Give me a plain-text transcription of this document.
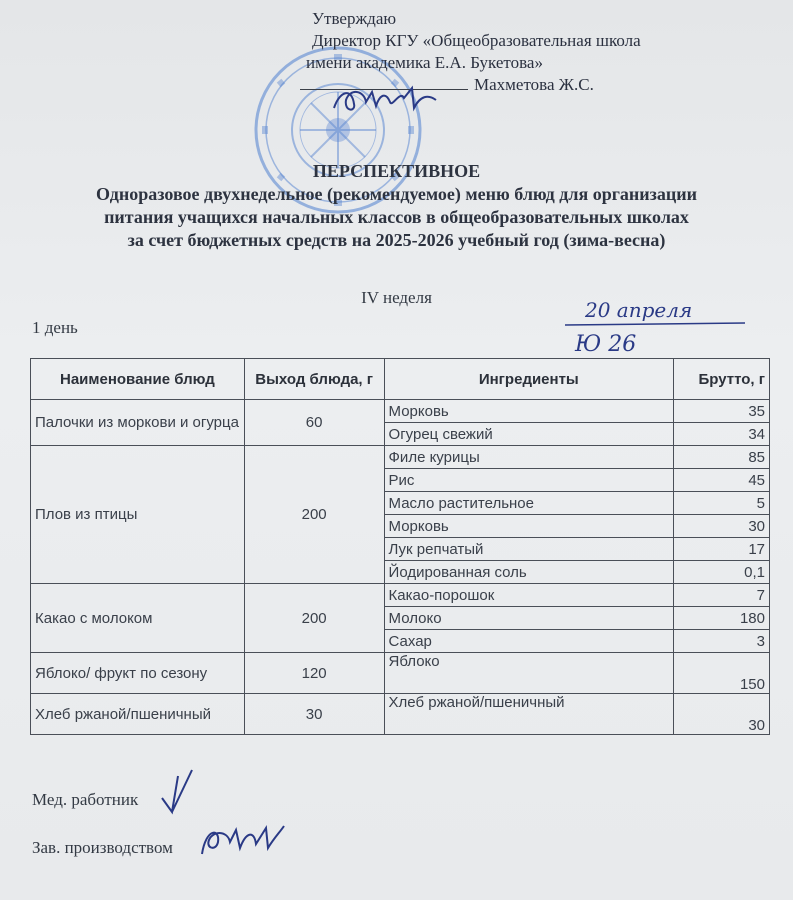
Утверждаю
Директор КГУ «Общеобразовательная школа
имени академика Е.А. Букетова»
Махметова Ж.С.
ПЕРСПЕКТИВНОЕ
Одноразовое двухнедельное (рекомендуемое) меню блюд для организации
питания учащихся начальных классов в общеобразовательных школах
за счет бюджетных средств на 2025-2026 учебный год (зима-весна)
IV неделя
1 день
20 апреля
Ю 26
Наименование блюд	Выход блюда, г	Ингредиенты	Брутто, г
Палочки из моркови и огурца	60	Морковь	35
		Огурец свежий	34
Плов из птицы	200	Филе курицы	85
		Рис	45
		Масло растительное	5
		Морковь	30
		Лук репчатый	17
		Йодированная соль	0,1
Какао с молоком	200	Какао-порошок	7
		Молоко	180
		Сахар	3
Яблоко/ фрукт по сезону	120	Яблоко	150
Хлеб ржаной/пшеничный	30	Хлеб ржаной/пшеничный	30
Мед. работник
Зав. производством
